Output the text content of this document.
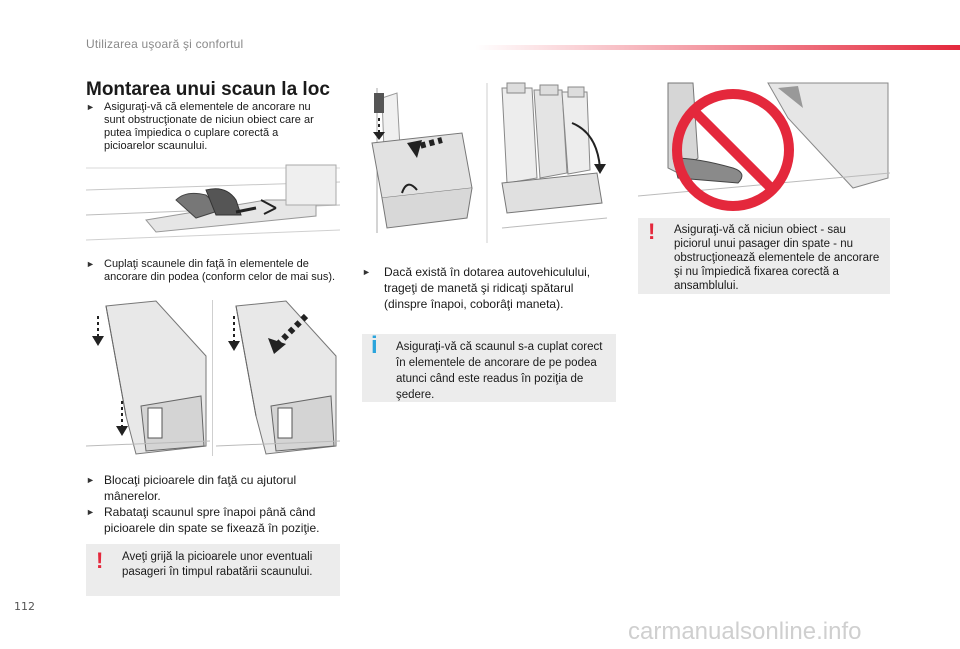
Utilizarea uşoară şi confortul
Montarea unui scaun la loc
► Asiguraţi-vă că elementele de ancorare nu sunt obstrucţionate de niciun obiect care ar putea împiedica o cuplare corectă a picioarelor scaunului.
► Cuplaţi scaunele din faţă în elementele de ancorare din podea (conform celor de mai sus).
► Blocaţi picioarele din faţă cu ajutorul mânerelor.
► Rabataţi scaunul spre înapoi până când picioarele din spate se fixează în poziţie.
! Aveţi grijă la picioarele unor eventuali pasageri în timpul rabatării scaunului.
►	Dacă există în dotarea autovehiculului, trageţi de manetă şi ridicaţi spătarul (dinspre înapoi, coborâţi maneta).
i Asiguraţi-vă că scaunul s-a cuplat corect în elementele de ancorare de pe podea atunci când este readus în poziţia de şedere.
! Asiguraţi-vă că niciun obiect - sau piciorul unui pasager din spate - nu obstrucţionează elementele de ancorare şi nu împiedică fixarea corectă a ansamblului.
112
carmanualsonline.info
